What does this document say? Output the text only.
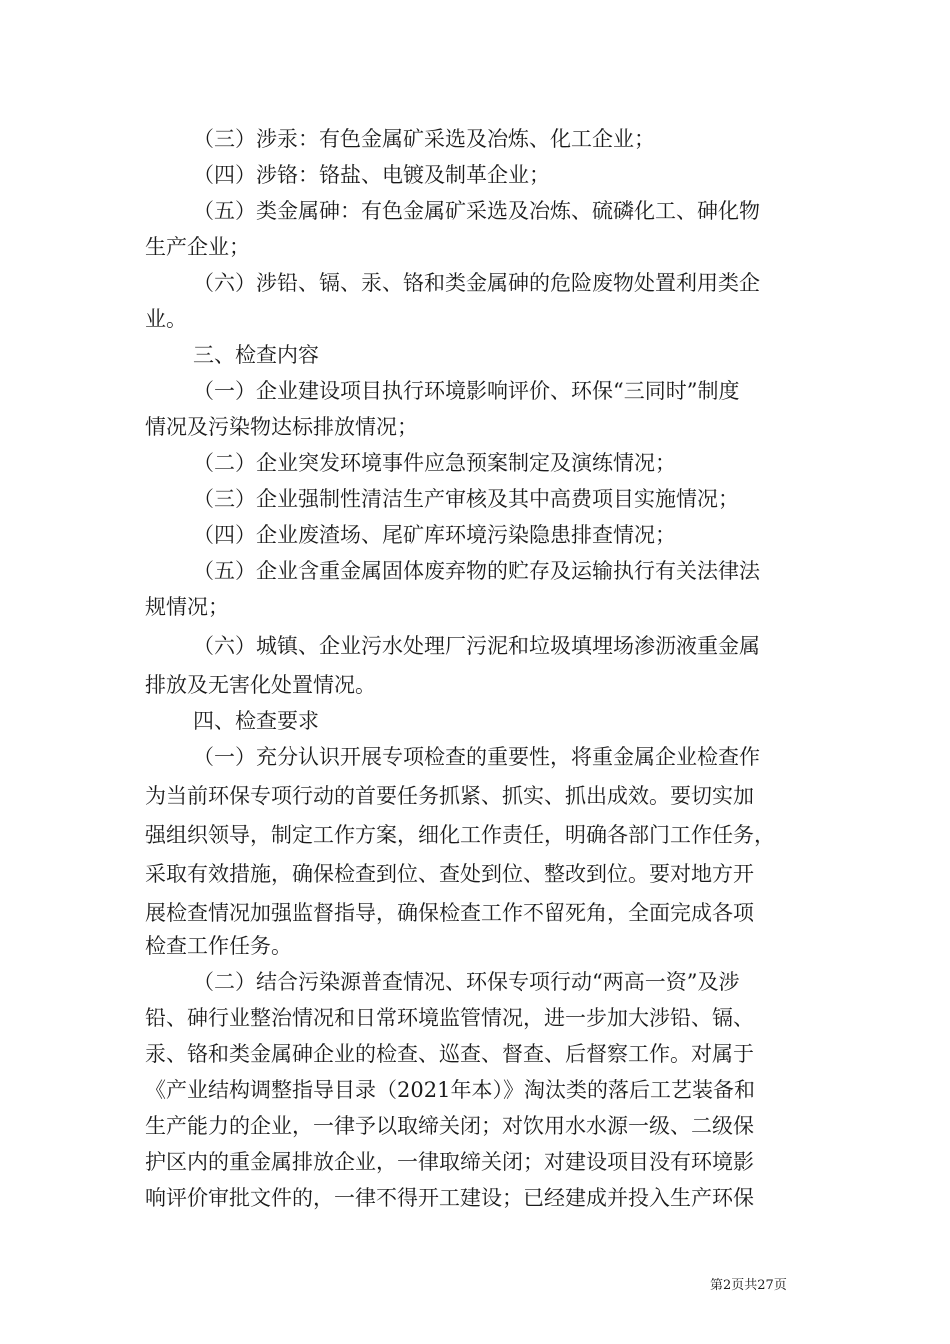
（三）涉汞：有色金属矿采选及冶炼、化工企业；
（四）涉铬：铬盐、电镀及制革企业；
（五）类金属砷：有色金属矿采选及冶炼、硫磷化工、砷化物
生产企业；
（六）涉铅、镉、汞、铬和类金属砷的危险废物处置利用类企
业。
三、检查内容
（一）企业建设项目执行环境影响评价、环保“三同时”制度
情况及污染物达标排放情况；
（二）企业突发环境事件应急预案制定及演练情况；
（三）企业强制性清洁生产审核及其中高费项目实施情况；
（四）企业废渣场、尾矿库环境污染隐患排查情况；
（五）企业含重金属固体废弃物的贮存及运输执行有关法律法
规情况；
（六）城镇、企业污水处理厂污泥和垃圾填埋场渗沥液重金属
排放及无害化处置情况。
四、检查要求
（一）充分认识开展专项检查的重要性，将重金属企业检查作
为当前环保专项行动的首要任务抓紧、抓实、抓出成效。要切实加
强组织领导，制定工作方案，细化工作责任，明确各部门工作任务，
采取有效措施，确保检查到位、查处到位、整改到位。要对地方开
展检查情况加强监督指导，确保检查工作不留死角，全面完成各项
检查工作任务。
（二）结合污染源普查情况、环保专项行动“两高一资”及涉
铅、砷行业整治情况和日常环境监管情况，进一步加大涉铅、镉、
汞、铬和类金属砷企业的检查、巡查、督查、后督察工作。对属于
《产业结构调整指导目录（2021年本）》淘汰类的落后工艺装备和
生产能力的企业，一律予以取缔关闭；对饮用水水源一级、二级保
护区内的重金属排放企业，一律取缔关闭；对建设项目没有环境影
响评价审批文件的，一律不得开工建设；已经建成并投入生产环保
第2页共27页
